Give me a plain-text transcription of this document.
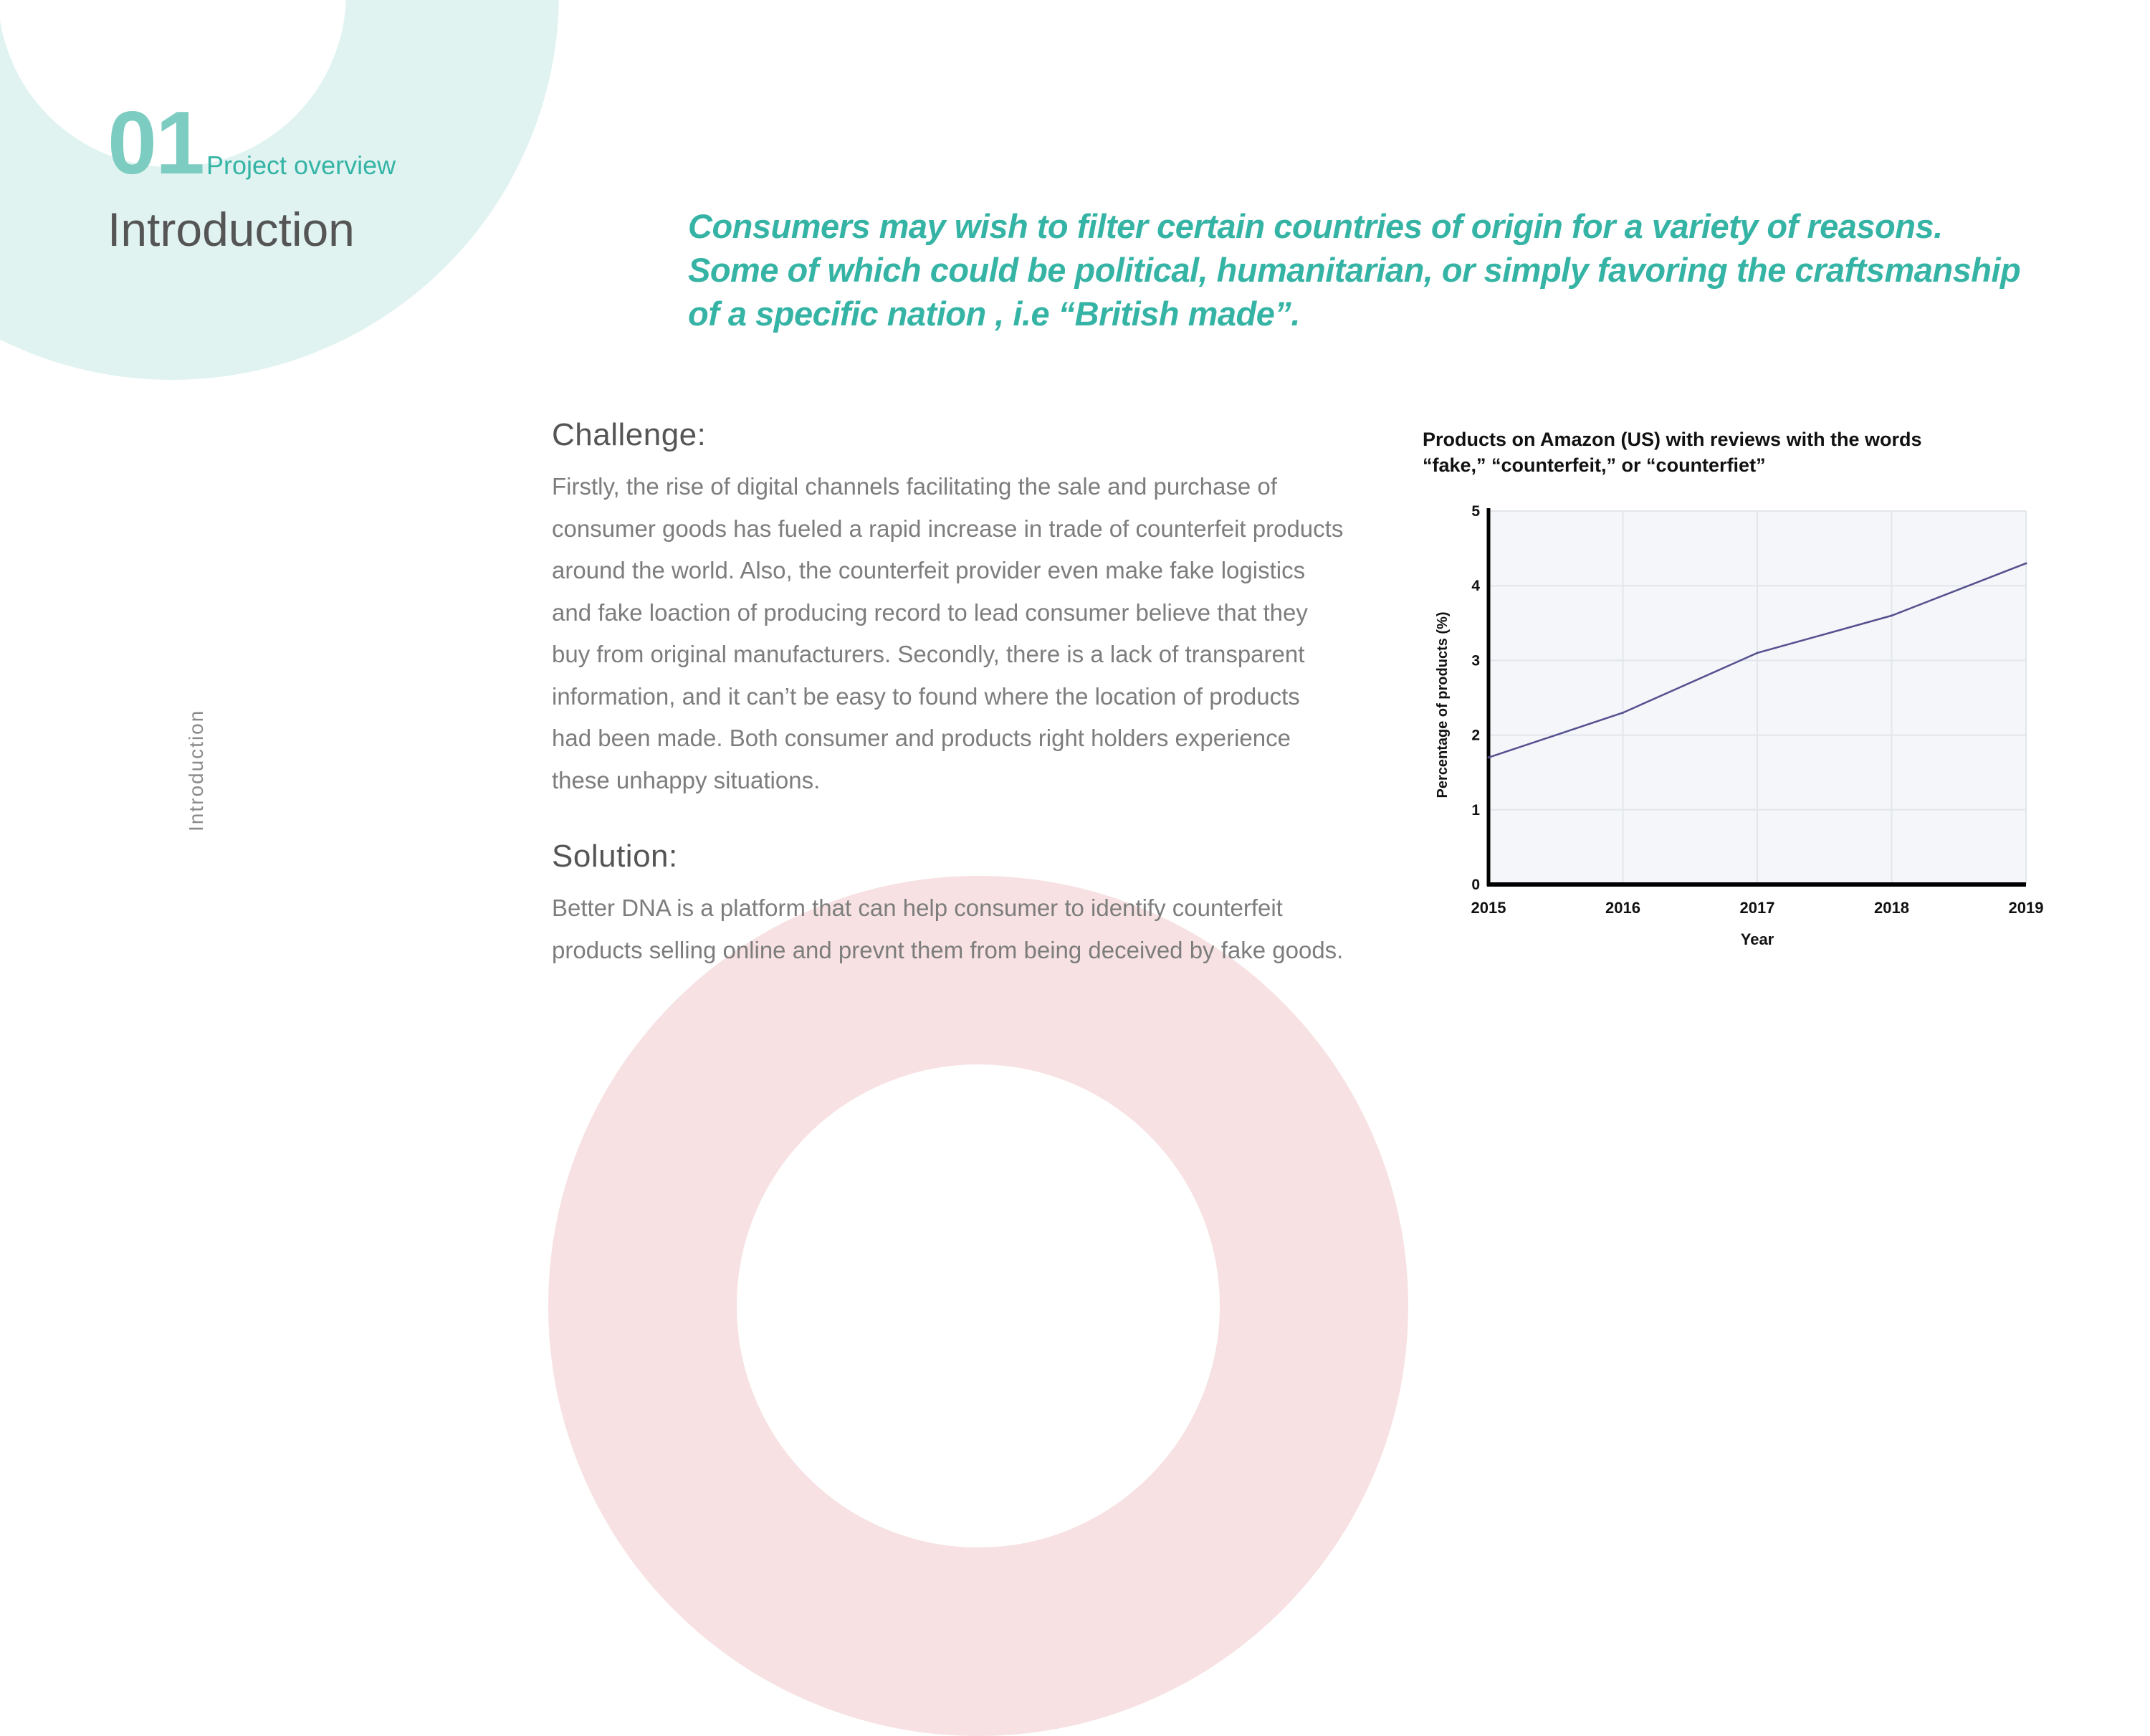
01 Project overview
Introduction
Introduction
Consumers may wish to filter certain countries of origin for a variety of reasons.
Some of which could be political, humanitarian, or simply favoring the craftsmanship
of a specific nation , i.e “British made”.
Challenge:
Firstly, the rise of digital channels facilitating the sale and purchase of
consumer goods has fueled a rapid increase in trade of counterfeit products
around the world. Also, the counterfeit provider even make fake logistics
and fake loaction of producing record to lead consumer believe that they
buy from original manufacturers. Secondly, there is a lack of transparent
information, and it can’t be easy to found where the location of products
had been made. Both consumer and products right holders experience
these unhappy situations.
Solution:
Better DNA is a platform that can help consumer to identify counterfeit
products selling online and prevnt them from being deceived by fake goods.
Products on Amazon (US) with reviews with the words
“fake,” “counterfeit,” or “counterfiet”
0
1
2
3
4
5
2015	2016	2017	2018	2019
Year
Percentage of products (%)
